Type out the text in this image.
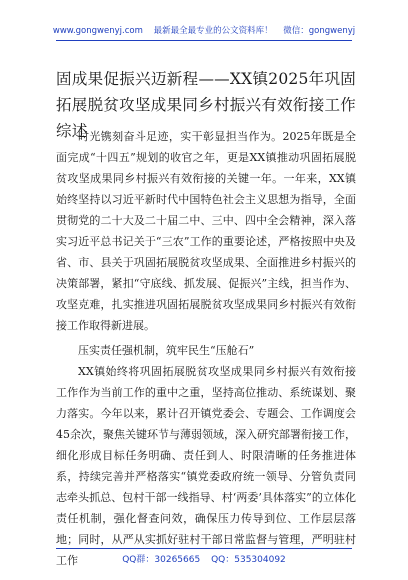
www.gongwenyj.com 最新最全最专业的公文资料库！ 微信：gongwenyj
固成果促振兴迈新程——XX镇2025年巩固拓展脱贫攻坚成果同乡村振兴有效衔接工作综述

时光镌刻奋斗足迹，实干彰显担当作为。2025年既是全面完成“十四五”规划的收官之年，更是XX镇推动巩固拓展脱贫攻坚成果同乡村振兴有效衔接的关键一年。一年来，XX镇始终坚持以习近平新时代中国特色社会主义思想为指导，全面贯彻党的二十大及二十届二中、三中、四中全会精神，深入落实习近平总书记关于“三农”工作的重要论述，严格按照中央及省、市、县关于巩固拓展脱贫攻坚成果、全面推进乡村振兴的决策部署，紧扣“守底线、抓发展、促振兴”主线，担当作为、攻坚克难，扎实推进巩固拓展脱贫攻坚成果同乡村振兴有效衔接工作取得新进展。

压实责任强机制，筑牢民生“压舱石”

XX镇始终将巩固拓展脱贫攻坚成果同乡村振兴有效衔接工作作为当前工作的重中之重，坚持高位推动、系统谋划、聚力落实。今年以来，累计召开镇党委会、专题会、工作调度会45余次，聚焦关键环节与薄弱领域，深入研究部署衔接工作，细化形成目标任务明确、责任到人、时限清晰的任务推进体系，持续完善并严格落实“镇党委政府统一领导、分管负责同志牵头抓总、包村干部一线指导、村‘两委’具体落实”的立体化责任机制，强化督查问效，确保压力传导到位、工作层层落地；同时，从严从实抓好驻村干部日常监督与管理，严明驻村工作	QQ群：30265665 QQ：535304092
